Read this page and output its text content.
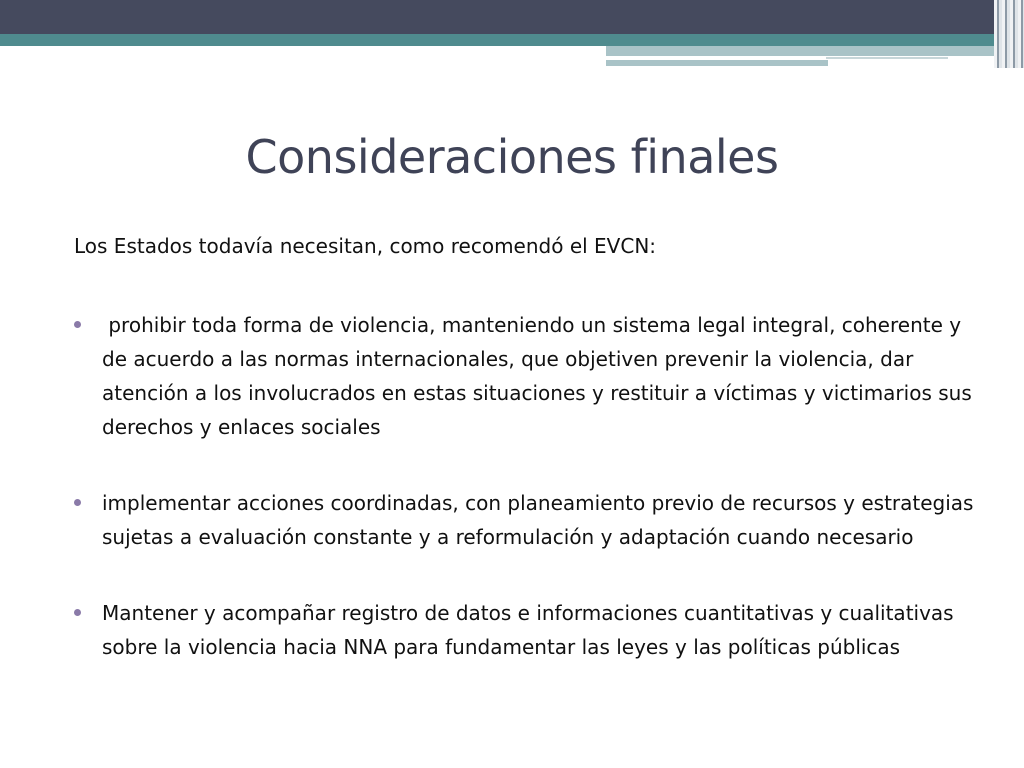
Consideraciones finales
Los Estados todavía necesitan, como recomendó el EVCN:
prohibir toda forma de violencia, manteniendo un sistema legal integral, coherente y de acuerdo a las normas internacionales, que objetiven prevenir la violencia, dar atención a los involucrados en estas situaciones y restituir a víctimas y victimarios sus derechos y enlaces sociales
implementar acciones coordinadas, con planeamiento previo de recursos y estrategias sujetas a evaluación constante y a reformulación y adaptación cuando necesario
Mantener y acompañar registro de datos e informaciones cuantitativas y cualitativas sobre la violencia hacia NNA para fundamentar las leyes y las políticas públicas
